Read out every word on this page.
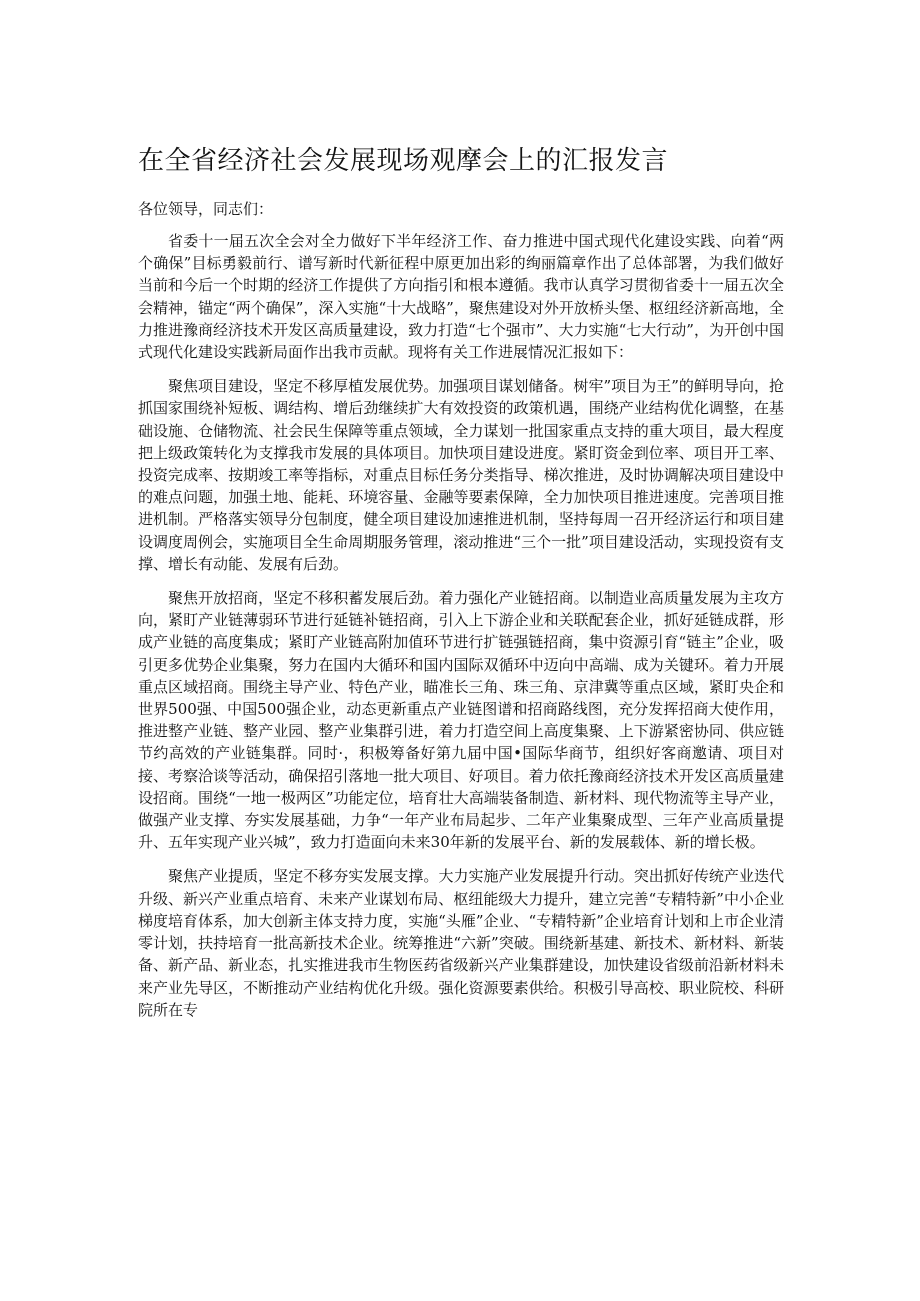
在全省经济社会发展现场观摩会上的汇报发言

各位领导，同志们：

省委十一届五次全会对全力做好下半年经济工作、奋力推进中国式现代化建设实践、向着“两个确保”目标勇毅前行、谱写新时代新征程中原更加出彩的绚丽篇章作出了总体部署，为我们做好当前和今后一个时期的经济工作提供了方向指引和根本遵循。我市认真学习贯彻省委十一届五次全会精神，锚定“两个确保”，深入实施“十大战略”，聚焦建设对外开放桥头堡、枢纽经济新高地，全力推进豫商经济技术开发区高质量建设，致力打造“七个强市”、大力实施“七大行动”，为开创中国式现代化建设实践新局面作出我市贡献。现将有关工作进展情况汇报如下：

聚焦项目建设，坚定不移厚植发展优势。加强项目谋划储备。树牢”项目为王”的鲜明导向，抢抓国家围绕补短板、调结构、增后劲继续扩大有效投资的政策机遇，围绕产业结构优化调整，在基础设施、仓储物流、社会民生保障等重点领域，全力谋划一批国家重点支持的重大项目，最大程度把上级政策转化为支撑我市发展的具体项目。加快项目建设进度。紧盯资金到位率、项目开工率、投资完成率、按期竣工率等指标，对重点目标任务分类指导、梯次推进，及时协调解决项目建设中的难点问题，加强土地、能耗、环境容量、金融等要素保障，全力加快项目推进速度。完善项目推进机制。严格落实领导分包制度，健全项目建设加速推进机制，坚持每周一召开经济运行和项目建设调度周例会，实施项目全生命周期服务管理，滚动推进“三个一批”项目建设活动，实现投资有支撑、增长有动能、发展有后劲。

聚焦开放招商，坚定不移积蓄发展后劲。着力强化产业链招商。以制造业高质量发展为主攻方向，紧盯产业链薄弱环节进行延链补链招商，引入上下游企业和关联配套企业，抓好延链成群，形成产业链的高度集成；紧盯产业链高附加值环节进行扩链强链招商，集中资源引育“链主”企业，吸引更多优势企业集聚，努力在国内大循环和国内国际双循环中迈向中高端、成为关键环。着力开展重点区域招商。围绕主导产业、特色产业，瞄准长三角、珠三角、京津冀等重点区域，紧盯央企和世界500强、中国500强企业，动态更新重点产业链图谱和招商路线图，充分发挥招商大使作用，推进整产业链、整产业园、整产业集群引进，着力打造空间上高度集聚、上下游紧密协同、供应链节约高效的产业链集群。同时·，积极筹备好第九届中国•国际华商节，组织好客商邀请、项目对接、考察洽谈等活动，确保招引落地一批大项目、好项目。着力依托豫商经济技术开发区高质量建设招商。围绕“一地一极两区”功能定位，培育壮大高端装备制造、新材料、现代物流等主导产业，做强产业支撑、夯实发展基础，力争“一年产业布局起步、二年产业集聚成型、三年产业高质量提升、五年实现产业兴城”，致力打造面向未来30年新的发展平台、新的发展载体、新的增长极。

聚焦产业提质，坚定不移夯实发展支撑。大力实施产业发展提升行动。突出抓好传统产业迭代升级、新兴产业重点培育、未来产业谋划布局、枢纽能级大力提升，建立完善“专精特新”中小企业梯度培育体系，加大创新主体支持力度，实施“头雁”企业、“专精特新”企业培育计划和上市企业清零计划，扶持培育一批高新技术企业。统筹推进“六新”突破。围绕新基建、新技术、新材料、新装备、新产品、新业态，扎实推进我市生物医药省级新兴产业集群建设，加快建设省级前沿新材料未来产业先导区，不断推动产业结构优化升级。强化资源要素供给。积极引导高校、职业院校、科研院所在专
